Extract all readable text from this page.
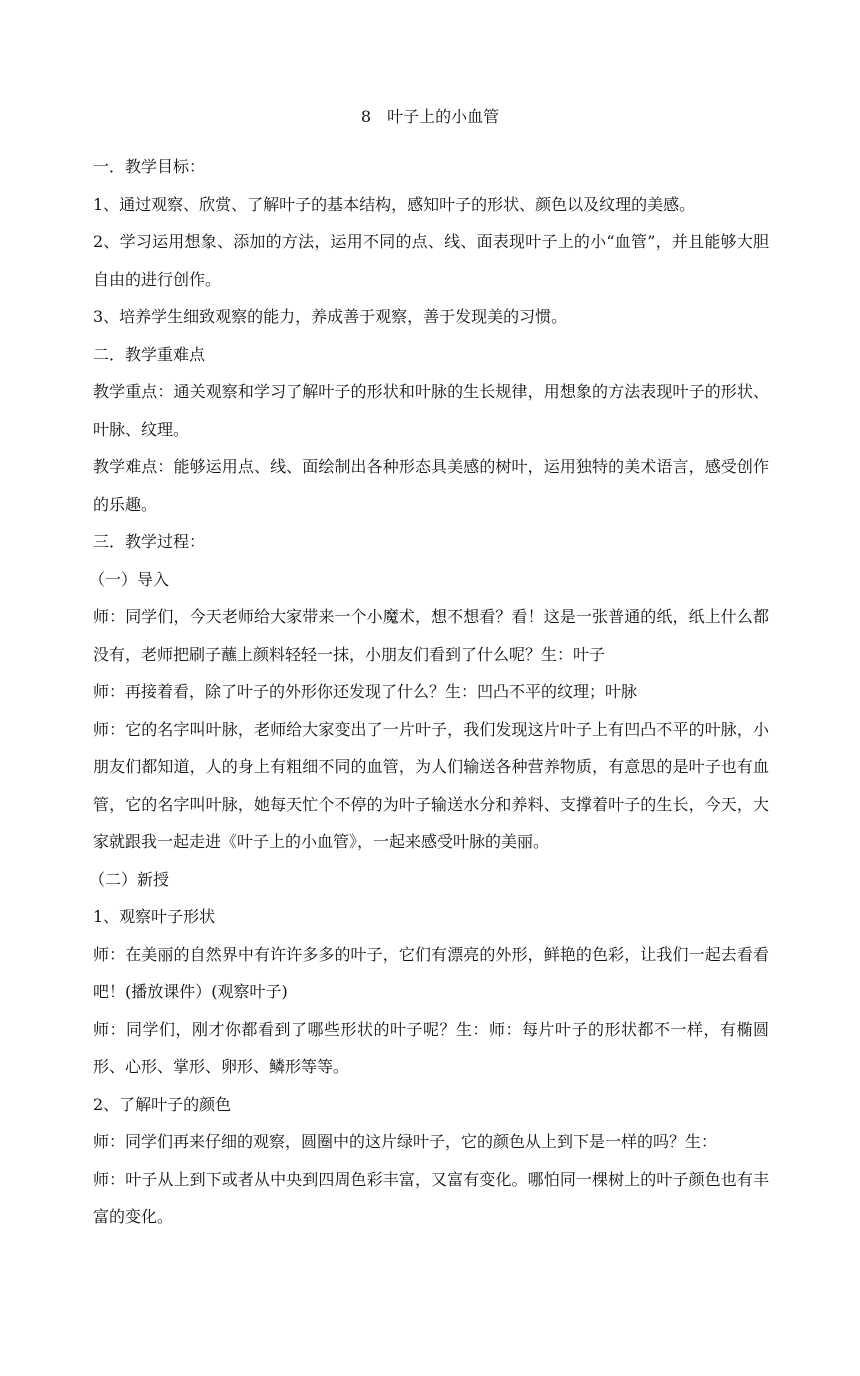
8　叶子上的小血管

一．教学目标：

1、通过观察、欣赏、了解叶子的基本结构，感知叶子的形状、颜色以及纹理的美感。

2、学习运用想象、添加的方法，运用不同的点、线、面表现叶子上的小“血管”，并且能够大胆自由的进行创作。

3、培养学生细致观察的能力，养成善于观察，善于发现美的习惯。

二．教学重难点

教学重点：通关观察和学习了解叶子的形状和叶脉的生长规律，用想象的方法表现叶子的形状、叶脉、纹理。

教学难点：能够运用点、线、面绘制出各种形态具美感的树叶，运用独特的美术语言，感受创作的乐趣。

三．教学过程：

（一）导入

师：同学们，今天老师给大家带来一个小魔术，想不想看？看！这是一张普通的纸，纸上什么都没有，老师把刷子蘸上颜料轻轻一抹，小朋友们看到了什么呢？生：叶子

师：再接着看，除了叶子的外形你还发现了什么？生：凹凸不平的纹理；叶脉

师：它的名字叫叶脉，老师给大家变出了一片叶子，我们发现这片叶子上有凹凸不平的叶脉，小朋友们都知道，人的身上有粗细不同的血管，为人们输送各种营养物质，有意思的是叶子也有血管，它的名字叫叶脉，她每天忙个不停的为叶子输送水分和养料、支撑着叶子的生长，今天，大家就跟我一起走进《叶子上的小血管》，一起来感受叶脉的美丽。

（二）新授

1、观察叶子形状

师：在美丽的自然界中有许许多多的叶子，它们有漂亮的外形，鲜艳的色彩，让我们一起去看看吧！(播放课件）(观察叶子)

师：同学们，刚才你都看到了哪些形状的叶子呢？生：师：每片叶子的形状都不一样，有椭圆形、心形、掌形、卵形、鳞形等等。

2、了解叶子的颜色

师：同学们再来仔细的观察，圆圈中的这片绿叶子，它的颜色从上到下是一样的吗？生：

师：叶子从上到下或者从中央到四周色彩丰富，又富有变化。哪怕同一棵树上的叶子颜色也有丰富的变化。
